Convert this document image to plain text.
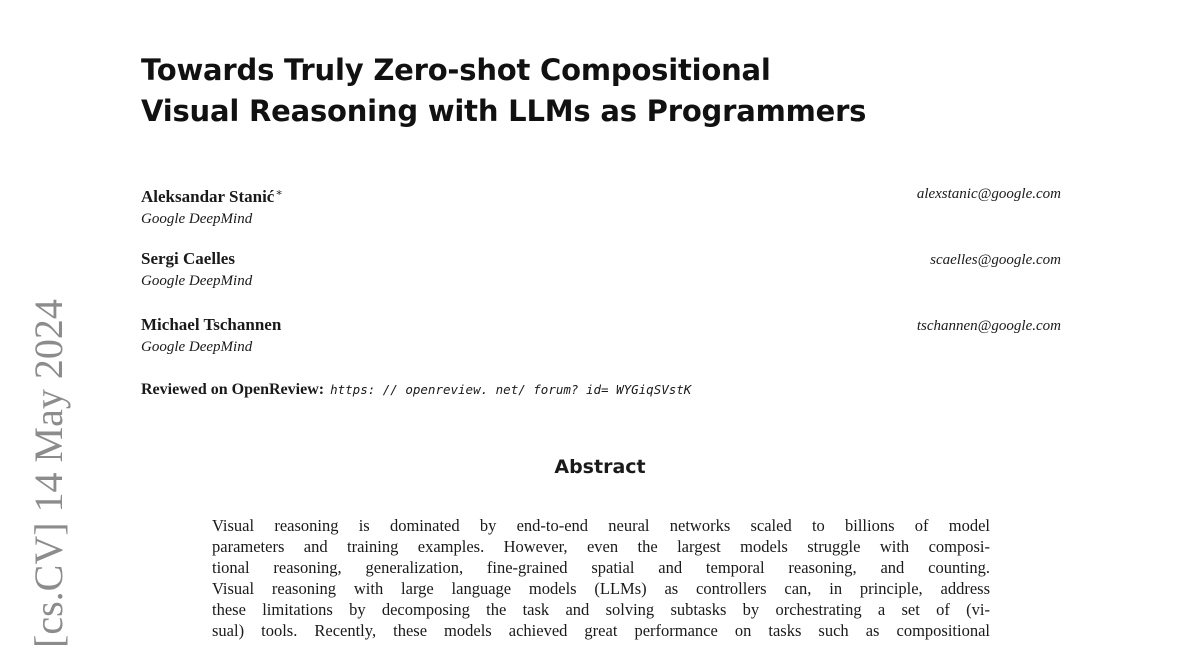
Towards Truly Zero-shot Compositional
Visual Reasoning with LLMs as Programmers
Aleksandar Stanić∗
Google DeepMind
alexstanic@google.com
Sergi Caelles
Google DeepMind
scaelles@google.com
Michael Tschannen
Google DeepMind
tschannen@google.com
Reviewed on OpenReview: https: // openreview. net/ forum? id= WYGiqSVstK
Abstract
Visual reasoning is dominated by end-to-end neural networks scaled to billions of model
parameters and training examples. However, even the largest models struggle with composi-
tional reasoning, generalization, fine-grained spatial and temporal reasoning, and counting.
Visual reasoning with large language models (LLMs) as controllers can, in principle, address
these limitations by decomposing the task and solving subtasks by orchestrating a set of (vi-
sual) tools. Recently, these models achieved great performance on tasks such as compositional
[cs.CV] 14 May 2024
